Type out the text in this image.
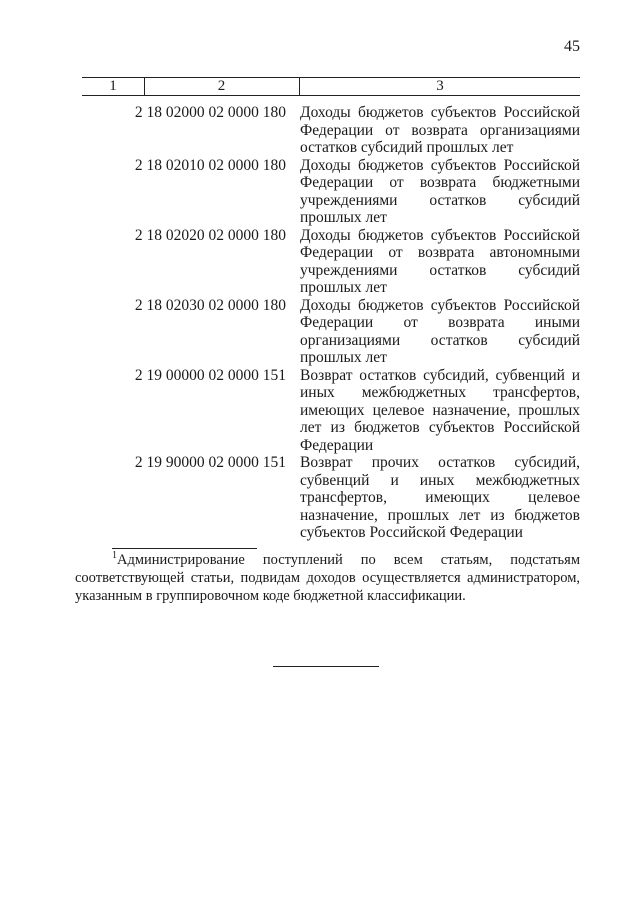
45
1	2	3
2 18 02000 02 0000 180 Доходы бюджетов субъектов Российской Федерации от возврата организациями остатков субсидий прошлых лет
2 18 02010 02 0000 180 Доходы бюджетов субъектов Российской Федерации от возврата бюджетными учреждениями остатков субсидий прошлых лет
2 18 02020 02 0000 180 Доходы бюджетов субъектов Российской Федерации от возврата автономными учреждениями остатков субсидий прошлых лет
2 18 02030 02 0000 180 Доходы бюджетов субъектов Российской Федерации от возврата иными организациями остатков субсидий прошлых лет
2 19 00000 02 0000 151 Возврат остатков субсидий, субвенций и иных межбюджетных трансфертов, имеющих целевое назначение, прошлых лет из бюджетов субъектов Российской Федерации
2 19 90000 02 0000 151 Возврат прочих остатков субсидий, субвенций и иных межбюджетных трансфертов, имеющих целевое назначение, прошлых лет из бюджетов субъектов Российской Федерации
$^1$Администрирование поступлений по всем статьям, подстатьям соответствующей статьи, подвидам доходов осуществляется администратором, указанным в группировочном коде бюджетной классификации.
